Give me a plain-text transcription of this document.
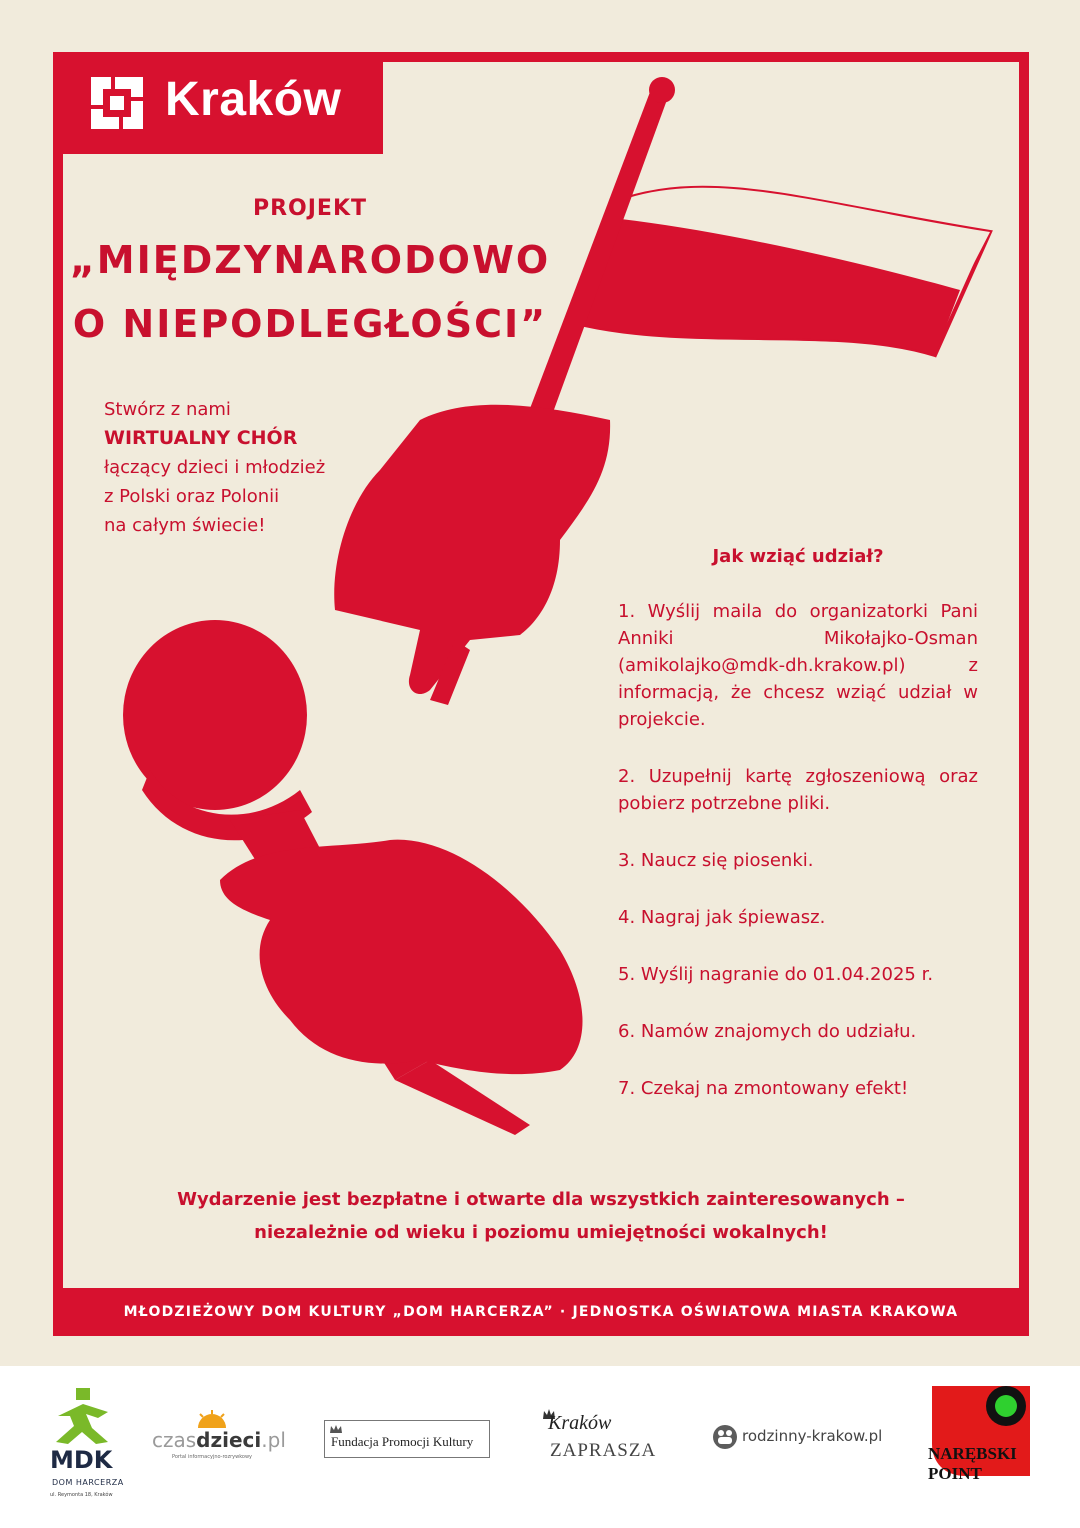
Kraków
PROJEKT
„MIĘDZYNARODOWO
O NIEPODLEGŁOŚCI”
Stwórz z nami
WIRTUALNY CHÓR
łączący dzieci i młodzież
z Polski oraz Polonii
na całym świecie!
Jak wziąć udział?

1. Wyślij maila do organizatorki Pani Anniki Mikołajko-Osman (amikolajko@mdk-dh.krakow.pl) z informacją, że chcesz wziąć udział w projekcie.

2. Uzupełnij kartę zgłoszeniową oraz pobierz potrzebne pliki.

3. Naucz się piosenki.

4. Nagraj jak śpiewasz.

5. Wyślij nagranie do 01.04.2025 r.

6. Namów znajomych do udziału.

7. Czekaj na zmontowany efekt!

Wydarzenie jest bezpłatne i otwarte dla wszystkich zainteresowanych –
niezależnie od wieku i poziomu umiejętności wokalnych!
MŁODZIEŻOWY DOM KULTURY „DOM HARCERZA” · JEDNOSTKA OŚWIATOWA MIASTA KRAKOWA
MDK
DOM HARCERZA
ul. Reymonta 18, Kraków
czasdzieci.pl
Portal informacyjno-rozrywkowy
Fundacja Promocji Kultury
Kraków
ZAPRASZA
rodzinny-krakow.pl
NARĘBSKI
POINT
